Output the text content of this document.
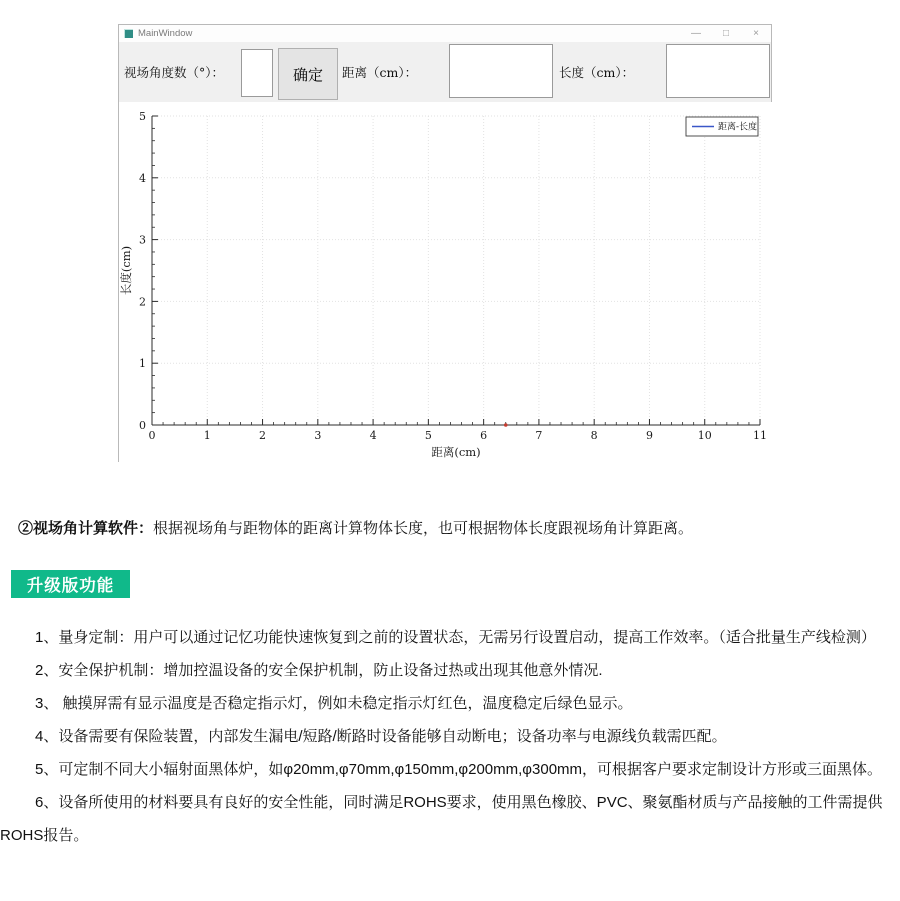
MainWindow	—	□	×
视场角度数（°）：	确定	距离（cm）：	长度（cm）：
0	1	2	3	4	5	6	7	8	9	10	11
0
1
2
3
4
5
距离(cm)
长度(cm)
距离-长度

②视场角计算软件：根据视场角与距物体的距离计算物体长度，也可根据物体长度跟视场角计算距离。

升级版功能

1、量身定制：用户可以通过记忆功能快速恢复到之前的设置状态，无需另行设置启动，提高工作效率。（适合批量生产线检测）

2、安全保护机制：增加控温设备的安全保护机制，防止设备过热或出现其他意外情况.

3、 触摸屏需有显示温度是否稳定指示灯，例如未稳定指示灯红色，温度稳定后绿色显示。

4、设备需要有保险装置，内部发生漏电/短路/断路时设备能够自动断电；设备功率与电源线负载需匹配。

5、可定制不同大小辐射面黑体炉，如φ20mm,φ70mm,φ150mm,φ200mm,φ300mm，可根据客户要求定制设计方形或三面黑体。

6、设备所使用的材料要具有良好的安全性能，同时满足ROHS要求，使用黑色橡胶、PVC、聚氨酯材质与产品接触的工件需提供ROHS报告。
